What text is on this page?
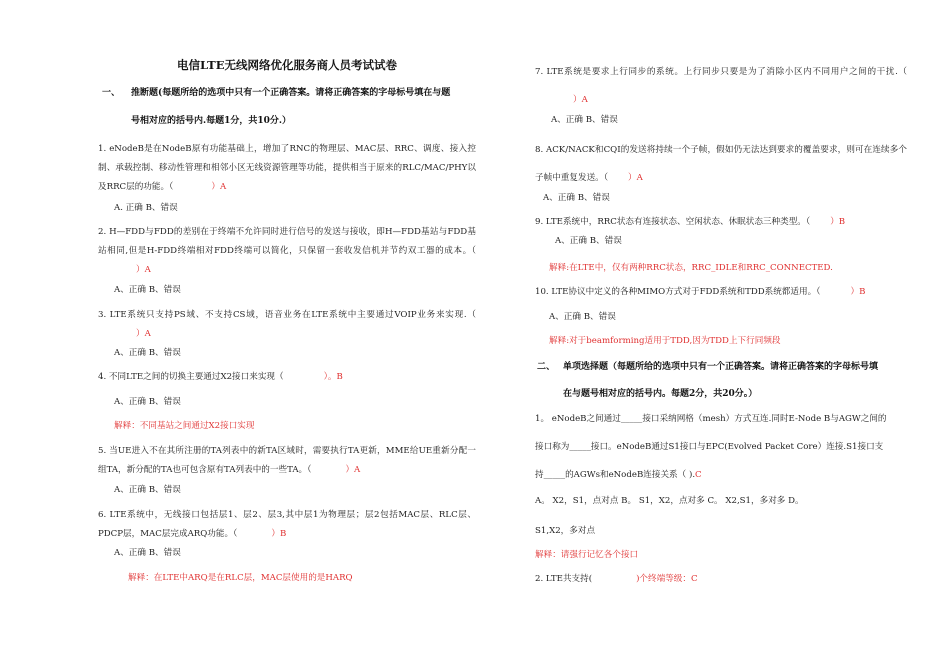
电信LTE无线网络优化服务商人员考试试卷
一、 推断题(每题所给的选项中只有一个正确答案。请将正确答案的字母标号填在与题
号相对应的括号内.每题1分，共10分.）
1. eNodeB是在NodeB原有功能基础上，增加了RNC的物理层、MAC层、RRC、调度、接入控制、承载控制、移动性管理和相邻小区无线资源管理等功能，提供相当于原来的RLC/MAC/PHY以及RRC层的功能。（	）A
A. 正确 B、错误
2. H—FDD与FDD的差别在于终端不允许同时进行信号的发送与接收，即H—FDD基站与FDD基站相同,但是H-FDD终端相对FDD终端可以简化，只保留一套收发信机并节约双工器的成本。（）A
A、正确 B、错误
3. LTE系统只支持PS域、不支持CS域，语音业务在LTE系统中主要通过VOIP业务来实现.（）A
A、正确 B、错误
4. 不同LTE之间的切换主要通过X2接口来实现（	）。B
A、正确 B、错误
解释：不同基站之间通过X2接口实现
5. 当UE进入不在其所注册的TA列表中的新TA区域时，需要执行TA更新，MME给UE重新分配一组TA，新分配的TA也可包含原有TA列表中的一些TA。（	）A
A、正确 B、错误
6. LTE系统中，无线接口包括层1、层2、层3,其中层1为物理层；层2包括MAC层、RLC层、PDCP层，MAC层完成ARQ功能。（	）B
A、正确 B、错误
解释：在LTE中ARQ是在RLC层，MAC层使用的是HARQ
7. LTE系统是要求上行同步的系统。上行同步只要是为了消除小区内不同用户之间的干扰.（）A
A、正确 B、错误
8. ACK/NACK和CQI的发送将持续一个子帧，假如仍无法达到要求的覆盖要求，则可在连续多个子帧中重复发送。（ ）A
A、正确 B、错误
9. LTE系统中，RRC状态有连接状态、空闲状态、休眠状态三种类型。（ ）B
A、正确 B、错误
解释:在LTE中，仅有两种RRC状态，RRC_IDLE和RRC_CONNECTED.
10. LTE协议中定义的各种MIMO方式对于FDD系统和TDD系统都适用。（	）B
A、正确 B、错误
解释:对于beamforming适用于TDD,因为TDD上下行同频段
二、 单项选择题（每题所给的选项中只有一个正确答案。请将正确答案的字母标号填
在与题号相对应的括号内。每题2分，共20分。）
1。 eNodeB之间通过_____接口采纳网格（mesh）方式互连.同时E-Node B与AGW之间的
接口称为_____接口。eNodeB通过S1接口与EPC(Evolved Packet Core）连接.S1接口支
持_____的AGWs和eNodeB连接关系（ ).C
A。 X2，S1，点对点 B。 S1，X2，点对多 C。 X2,S1，多对多 D。
S1,X2，多对点
解释：请强行记忆各个接口
2. LTE共支持(	)个终端等级：C
